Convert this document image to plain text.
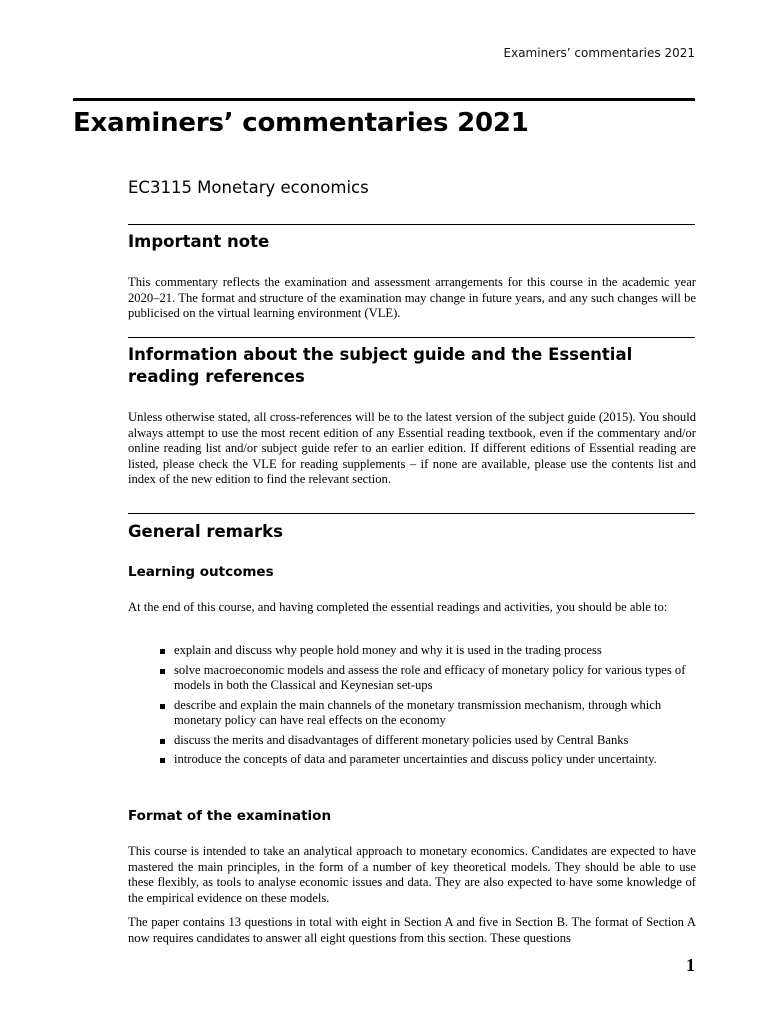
Examiners’ commentaries 2021
Examiners’ commentaries 2021
EC3115 Monetary economics
Important note

This commentary reflects the examination and assessment arrangements for this course in the academic year 2020–21. The format and structure of the examination may change in future years, and any such changes will be publicised on the virtual learning environment (VLE).

Information about the subject guide and the Essential reading references

Unless otherwise stated, all cross-references will be to the latest version of the subject guide (2015). You should always attempt to use the most recent edition of any Essential reading textbook, even if the commentary and/or online reading list and/or subject guide refer to an earlier edition. If different editions of Essential reading are listed, please check the VLE for reading supplements – if none are available, please use the contents list and index of the new edition to find the relevant section.

General remarks
Learning outcomes

At the end of this course, and having completed the essential readings and activities, you should be able to:

explain and discuss why people hold money and why it is used in the trading process
solve macroeconomic models and assess the role and efficacy of monetary policy for various types of models in both the Classical and Keynesian set-ups
describe and explain the main channels of the monetary transmission mechanism, through which monetary policy can have real effects on the economy
discuss the merits and disadvantages of different monetary policies used by Central Banks
introduce the concepts of data and parameter uncertainties and discuss policy under uncertainty.
Format of the examination

This course is intended to take an analytical approach to monetary economics. Candidates are expected to have mastered the main principles, in the form of a number of key theoretical models. They should be able to use these flexibly, as tools to analyse economic issues and data. They are also expected to have some knowledge of the empirical evidence on these models.

The paper contains 13 questions in total with eight in Section A and five in Section B. The format of Section A now requires candidates to answer all eight questions from this section. These questions

1
